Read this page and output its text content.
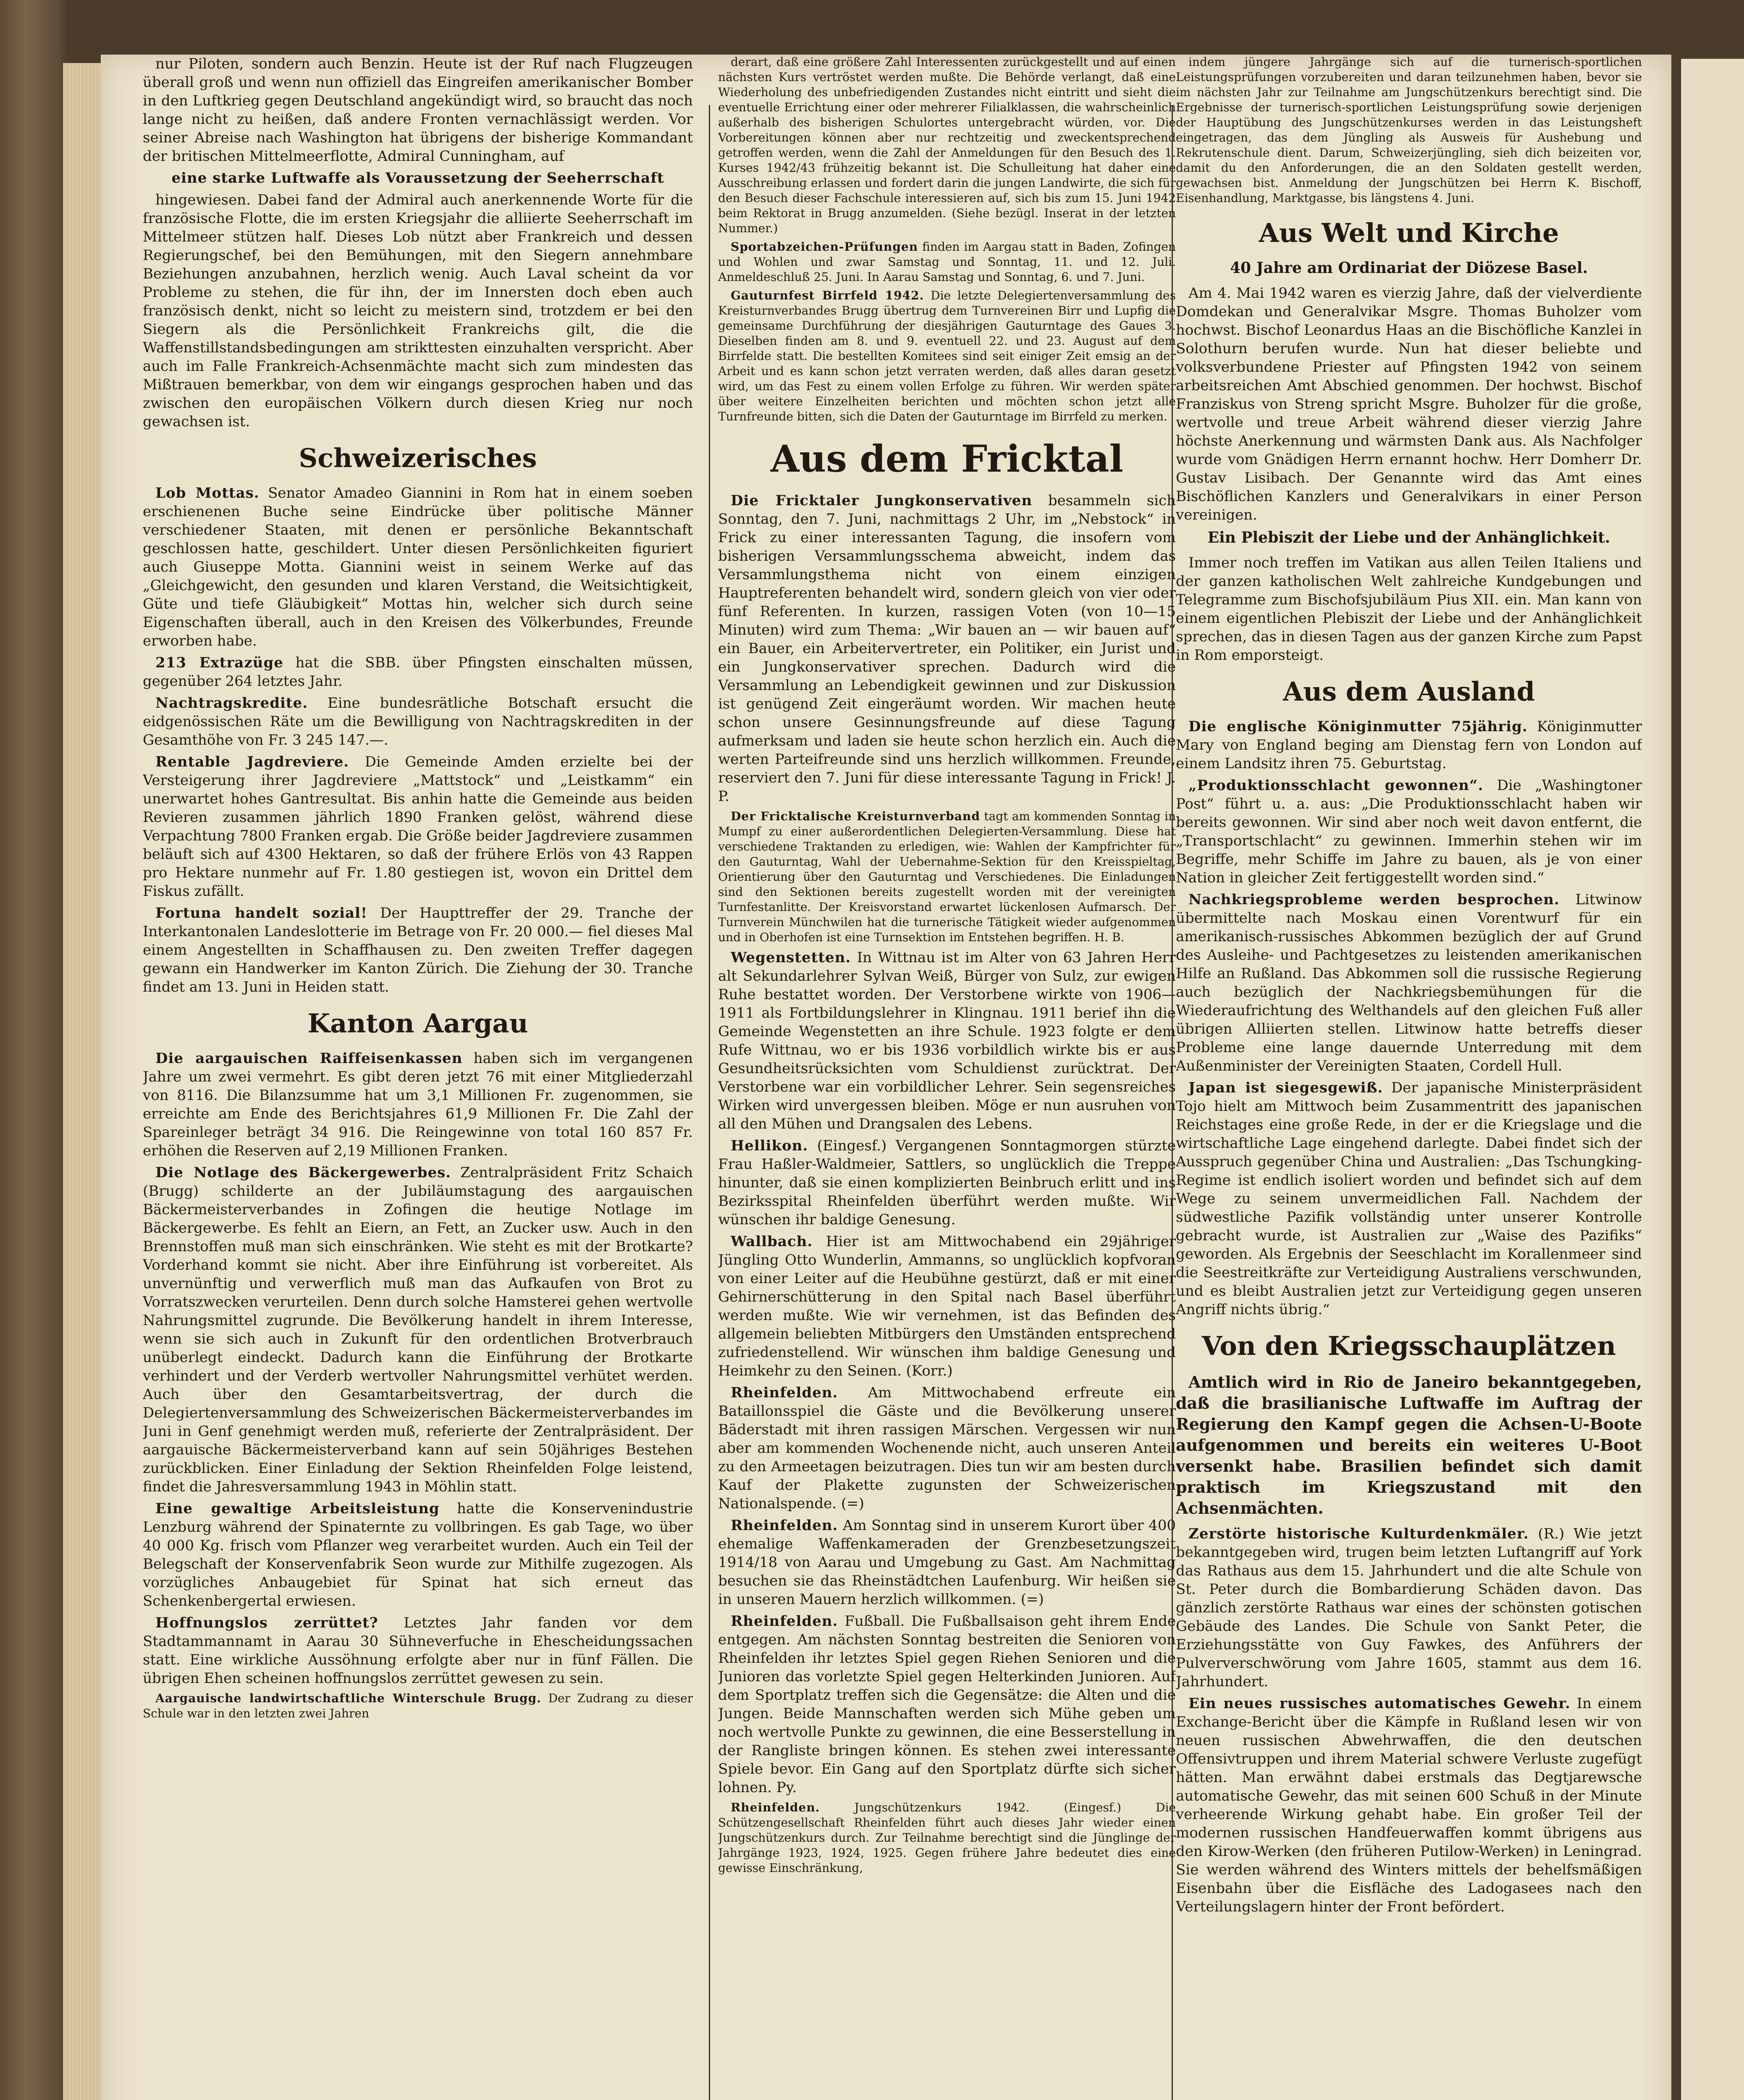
nur Piloten, sondern auch Benzin. Heute ist der Ruf nach Flugzeugen überall groß und wenn nun offiziell das Eingreifen amerikanischer Bomber in den Luftkrieg gegen Deutschland angekündigt wird, so braucht das noch lange nicht zu heißen, daß andere Fronten vernachlässigt werden. Vor seiner Abreise nach Washington hat übrigens der bisherige Kommandant der britischen Mittelmeerflotte, Admiral Cunningham, auf

eine starke Luftwaffe als Voraussetzung der Seeherrschaft

hingewiesen. Dabei fand der Admiral auch anerkennende Worte für die französische Flotte, die im ersten Kriegsjahr die alliierte Seeherrschaft im Mittelmeer stützen half. Dieses Lob nützt aber Frankreich und dessen Regierungschef, bei den Bemühungen, mit den Siegern annehmbare Beziehungen anzubahnen, herzlich wenig. Auch Laval scheint da vor Probleme zu stehen, die für ihn, der im Innersten doch eben auch französisch denkt, nicht so leicht zu meistern sind, trotzdem er bei den Siegern als die Persönlichkeit Frankreichs gilt, die die Waffenstillstandsbedingungen am strikttesten einzuhalten verspricht. Aber auch im Falle Frankreich-Achsenmächte macht sich zum mindesten das Mißtrauen bemerkbar, von dem wir eingangs gesprochen haben und das zwischen den europäischen Völkern durch diesen Krieg nur noch gewachsen ist.

Schweizerisches

Lob Mottas. Senator Amadeo Giannini in Rom hat in einem soeben erschienenen Buche seine Eindrücke über politische Männer verschiedener Staaten, mit denen er persönliche Bekanntschaft geschlossen hatte, geschildert. Unter diesen Persönlichkeiten figuriert auch Giuseppe Motta. Giannini weist in seinem Werke auf das „Gleichgewicht, den gesunden und klaren Verstand, die Weitsichtigkeit, Güte und tiefe Gläubigkeit“ Mottas hin, welcher sich durch seine Eigenschaften überall, auch in den Kreisen des Völkerbundes, Freunde erworben habe.

213 Extrazüge hat die SBB. über Pfingsten einschalten müssen, gegenüber 264 letztes Jahr.

Nachtragskredite. Eine bundesrätliche Botschaft ersucht die eidgenössischen Räte um die Bewilligung von Nachtragskrediten in der Gesamthöhe von Fr. 3 245 147.—.

Rentable Jagdreviere. Die Gemeinde Amden erzielte bei der Versteigerung ihrer Jagdreviere „Mattstock“ und „Leistkamm“ ein unerwartet hohes Gantresultat. Bis anhin hatte die Gemeinde aus beiden Revieren zusammen jährlich 1890 Franken gelöst, während diese Verpachtung 7800 Franken ergab. Die Größe beider Jagdreviere zusammen beläuft sich auf 4300 Hektaren, so daß der frühere Erlös von 43 Rappen pro Hektare nunmehr auf Fr. 1.80 gestiegen ist, wovon ein Drittel dem Fiskus zufällt.

Fortuna handelt sozial! Der Haupttreffer der 29. Tranche der Interkantonalen Landeslotterie im Betrage von Fr. 20 000.— fiel dieses Mal einem Angestellten in Schaffhausen zu. Den zweiten Treffer dagegen gewann ein Handwerker im Kanton Zürich. Die Ziehung der 30. Tranche findet am 13. Juni in Heiden statt.

Kanton Aargau

Die aargauischen Raiffeisenkassen haben sich im vergangenen Jahre um zwei vermehrt. Es gibt deren jetzt 76 mit einer Mitgliederzahl von 8116. Die Bilanzsumme hat um 3,1 Millionen Fr. zugenommen, sie erreichte am Ende des Berichtsjahres 61,9 Millionen Fr. Die Zahl der Spareinleger beträgt 34 916. Die Reingewinne von total 160 857 Fr. erhöhen die Reserven auf 2,19 Millionen Franken.

Die Notlage des Bäckergewerbes. Zentralpräsident Fritz Schaich (Brugg) schilderte an der Jubiläumstagung des aargauischen Bäckermeisterverbandes in Zofingen die heutige Notlage im Bäckergewerbe. Es fehlt an Eiern, an Fett, an Zucker usw. Auch in den Brennstoffen muß man sich einschränken. Wie steht es mit der Brotkarte? Vorderhand kommt sie nicht. Aber ihre Einführung ist vorbereitet. Als unvernünftig und verwerflich muß man das Aufkaufen von Brot zu Vorratszwecken verurteilen. Denn durch solche Hamsterei gehen wertvolle Nahrungsmittel zugrunde. Die Bevölkerung handelt in ihrem Interesse, wenn sie sich auch in Zukunft für den ordentlichen Brotverbrauch unüberlegt eindeckt. Dadurch kann die Einführung der Brotkarte verhindert und der Verderb wertvoller Nahrungsmittel verhütet werden. Auch über den Gesamtarbeitsvertrag, der durch die Delegiertenversammlung des Schweizerischen Bäckermeisterverbandes im Juni in Genf genehmigt werden muß, referierte der Zentralpräsident. Der aargauische Bäckermeisterverband kann auf sein 50jähriges Bestehen zurückblicken. Einer Einladung der Sektion Rheinfelden Folge leistend, findet die Jahresversammlung 1943 in Möhlin statt.

Eine gewaltige Arbeitsleistung hatte die Konservenindustrie Lenzburg während der Spinaternte zu vollbringen. Es gab Tage, wo über 40 000 Kg. frisch vom Pflanzer weg verarbeitet wurden. Auch ein Teil der Belegschaft der Konservenfabrik Seon wurde zur Mithilfe zugezogen. Als vorzügliches Anbaugebiet für Spinat hat sich erneut das Schenkenbergertal erwiesen.

Hoffnungslos zerrüttet? Letztes Jahr fanden vor dem Stadtammannamt in Aarau 30 Sühneverfuche in Ehescheidungssachen statt. Eine wirkliche Aussöhnung erfolgte aber nur in fünf Fällen. Die übrigen Ehen scheinen hoffnungslos zerrüttet gewesen zu sein.

Aargauische landwirtschaftliche Winterschule Brugg. Der Zudrang zu dieser Schule war in den letzten zwei Jahren

derart, daß eine größere Zahl Interessenten zurückgestellt und auf einen nächsten Kurs vertröstet werden mußte. Die Behörde verlangt, daß eine Wiederholung des unbefriedigenden Zustandes nicht eintritt und sieht die eventuelle Errichtung einer oder mehrerer Filialklassen, die wahrscheinlich außerhalb des bisherigen Schulortes untergebracht würden, vor. Die Vorbereitungen können aber nur rechtzeitig und zweckentsprechend getroffen werden, wenn die Zahl der Anmeldungen für den Besuch des 1. Kurses 1942/43 frühzeitig bekannt ist. Die Schulleitung hat daher eine Ausschreibung erlassen und fordert darin die jungen Landwirte, die sich für den Besuch dieser Fachschule interessieren auf, sich bis zum 15. Juni 1942 beim Rektorat in Brugg anzumelden. (Siehe bezügl. Inserat in der letzten Nummer.)

Sportabzeichen-Prüfungen finden im Aargau statt in Baden, Zofingen und Wohlen und zwar Samstag und Sonntag, 11. und 12. Juli. Anmeldeschluß 25. Juni. In Aarau Samstag und Sonntag, 6. und 7. Juni.

Gauturnfest Birrfeld 1942. Die letzte Delegiertenversammlung des Kreisturnverbandes Brugg übertrug dem Turnvereinen Birr und Lupfig die gemeinsame Durchführung der diesjährigen Gauturntage des Gaues 3. Dieselben finden am 8. und 9. eventuell 22. und 23. August auf dem Birrfelde statt. Die bestellten Komitees sind seit einiger Zeit emsig an der Arbeit und es kann schon jetzt verraten werden, daß alles daran gesetzt wird, um das Fest zu einem vollen Erfolge zu führen. Wir werden später über weitere Einzelheiten berichten und möchten schon jetzt alle Turnfreunde bitten, sich die Daten der Gauturntage im Birrfeld zu merken.

Aus dem Fricktal

Die Fricktaler Jungkonservativen besammeln sich Sonntag, den 7. Juni, nachmittags 2 Uhr, im „Nebstock“ in Frick zu einer interessanten Tagung, die insofern vom bisherigen Versammlungsschema abweicht, indem das Versammlungsthema nicht von einem einzigen Hauptreferenten behandelt wird, sondern gleich von vier oder fünf Referenten. In kurzen, rassigen Voten (von 10—15 Minuten) wird zum Thema: „Wir bauen an — wir bauen auf“ ein Bauer, ein Arbeitervertreter, ein Politiker, ein Jurist und ein Jungkonservativer sprechen. Dadurch wird die Versammlung an Lebendigkeit gewinnen und zur Diskussion ist genügend Zeit eingeräumt worden. Wir machen heute schon unsere Gesinnungsfreunde auf diese Tagung aufmerksam und laden sie heute schon herzlich ein. Auch die werten Parteifreunde sind uns herzlich willkommen. Freunde, reserviert den 7. Juni für diese interessante Tagung in Frick! J. P.

Der Fricktalische Kreisturnverband tagt am kommenden Sonntag in Mumpf zu einer außerordentlichen Delegierten-Versammlung. Diese hat verschiedene Traktanden zu erledigen, wie: Wahlen der Kampfrichter für den Gauturntag, Wahl der Uebernahme-Sektion für den Kreisspieltag, Orientierung über den Gauturntag und Verschiedenes. Die Einladungen sind den Sektionen bereits zugestellt worden mit der vereinigten Turnfestanlitte. Der Kreisvorstand erwartet lückenlosen Aufmarsch. Der Turnverein Münchwilen hat die turnerische Tätigkeit wieder aufgenommen und in Oberhofen ist eine Turnsektion im Entstehen begriffen. H. B.

Wegenstetten. In Wittnau ist im Alter von 63 Jahren Herr alt Sekundarlehrer Sylvan Weiß, Bürger von Sulz, zur ewigen Ruhe bestattet worden. Der Verstorbene wirkte von 1906—1911 als Fortbildungslehrer in Klingnau. 1911 berief ihn die Gemeinde Wegenstetten an ihre Schule. 1923 folgte er dem Rufe Wittnau, wo er bis 1936 vorbildlich wirkte bis er aus Gesundheitsrücksichten vom Schuldienst zurücktrat. Der Verstorbene war ein vorbildlicher Lehrer. Sein segensreiches Wirken wird unvergessen bleiben. Möge er nun ausruhen von all den Mühen und Drangsalen des Lebens.

Hellikon. (Eingesf.) Vergangenen Sonntagmorgen stürzte Frau Haßler-Waldmeier, Sattlers, so unglücklich die Treppe hinunter, daß sie einen komplizierten Beinbruch erlitt und ins Bezirksspital Rheinfelden überführt werden mußte. Wir wünschen ihr baldige Genesung.

Wallbach. Hier ist am Mittwochabend ein 29jähriger Jüngling Otto Wunderlin, Ammanns, so unglücklich kopfvoran von einer Leiter auf die Heubühne gestürzt, daß er mit einer Gehirnerschütterung in den Spital nach Basel überführt werden mußte. Wie wir vernehmen, ist das Befinden des allgemein beliebten Mitbürgers den Umständen entsprechend zufriedenstellend. Wir wünschen ihm baldige Genesung und Heimkehr zu den Seinen. (Korr.)

Rheinfelden. Am Mittwochabend erfreute ein Bataillonsspiel die Gäste und die Bevölkerung unserer Bäderstadt mit ihren rassigen Märschen. Vergessen wir nun aber am kommenden Wochenende nicht, auch unseren Anteil zu den Armeetagen beizutragen. Dies tun wir am besten durch Kauf der Plakette zugunsten der Schweizerischen Nationalspende. (=)

Rheinfelden. Am Sonntag sind in unserem Kurort über 400 ehemalige Waffenkameraden der Grenzbesetzungszeit 1914/18 von Aarau und Umgebung zu Gast. Am Nachmittag besuchen sie das Rheinstädtchen Laufenburg. Wir heißen sie in unseren Mauern herzlich willkommen. (=)

Rheinfelden. Fußball. Die Fußballsaison geht ihrem Ende entgegen. Am nächsten Sonntag bestreiten die Senioren von Rheinfelden ihr letztes Spiel gegen Riehen Senioren und die Junioren das vorletzte Spiel gegen Helterkinden Junioren. Auf dem Sportplatz treffen sich die Gegensätze: die Alten und die Jungen. Beide Mannschaften werden sich Mühe geben um noch wertvolle Punkte zu gewinnen, die eine Besserstellung in der Rangliste bringen können. Es stehen zwei interessante Spiele bevor. Ein Gang auf den Sportplatz dürfte sich sicher lohnen. Py.

Rheinfelden.	Jungschützenkurs 1942. (Eingesf.) Die Schützengesellschaft Rheinfelden führt auch dieses Jahr wieder einen Jungschützenkurs durch. Zur Teilnahme berechtigt sind die Jünglinge der Jahrgänge 1923, 1924, 1925. Gegen frühere Jahre bedeutet dies eine gewisse Einschränkung,

indem jüngere Jahrgänge sich auf die turnerisch-sportlichen Leistungsprüfungen vorzubereiten und daran teilzunehmen haben, bevor sie im nächsten Jahr zur Teilnahme am Jungschützenkurs berechtigt sind. Die Ergebnisse der turnerisch-sportlichen Leistungsprüfung sowie derjenigen der Hauptübung des Jungschützenkurses werden in das Leistungsheft eingetragen, das dem Jüngling als Ausweis für Aushebung und Rekrutenschule dient. Darum, Schweizerjüngling, sieh dich beizeiten vor, damit du den Anforderungen, die an den Soldaten gestellt werden, gewachsen bist. Anmeldung der Jungschützen bei Herrn K. Bischoff, Eisenhandlung, Marktgasse, bis längstens 4. Juni.

Aus Welt und Kirche
40 Jahre am Ordinariat der Diözese Basel.

Am 4. Mai 1942 waren es vierzig Jahre, daß der vielverdiente Domdekan und Generalvikar Msgre. Thomas Buholzer vom hochwst. Bischof Leonardus Haas an die Bischöfliche Kanzlei in Solothurn berufen wurde. Nun hat dieser beliebte und volksverbundene Priester auf Pfingsten 1942 von seinem arbeitsreichen Amt Abschied genommen. Der hochwst. Bischof Franziskus von Streng spricht Msgre. Buholzer für die große, wertvolle und treue Arbeit während dieser vierzig Jahre höchste Anerkennung und wärmsten Dank aus. Als Nachfolger wurde vom Gnädigen Herrn ernannt hochw. Herr Domherr Dr. Gustav Lisibach. Der Genannte wird das Amt eines Bischöflichen Kanzlers und Generalvikars in einer Person vereinigen.

Ein Plebiszit der Liebe und der Anhänglichkeit.

Immer noch treffen im Vatikan aus allen Teilen Italiens und der ganzen katholischen Welt zahlreiche Kundgebungen und Telegramme zum Bischofsjubiläum Pius XII. ein. Man kann von einem eigentlichen Plebiszit der Liebe und der Anhänglichkeit sprechen, das in diesen Tagen aus der ganzen Kirche zum Papst in Rom emporsteigt.

Aus dem Ausland

Die englische Königinmutter 75jährig. Königinmutter Mary von England beging am Dienstag fern von London auf einem Landsitz ihren 75. Geburtstag.

„Produktionsschlacht gewonnen“. Die „Washingtoner Post“ führt u. a. aus: „Die Produktionsschlacht haben wir bereits gewonnen. Wir sind aber noch weit davon entfernt, die „Transportschlacht“ zu gewinnen. Immerhin stehen wir im Begriffe, mehr Schiffe im Jahre zu bauen, als je von einer Nation in gleicher Zeit fertiggestellt worden sind.“

Nachkriegsprobleme werden besprochen. Litwinow übermittelte nach Moskau einen Vorentwurf für ein amerikanisch-russisches Abkommen bezüglich der auf Grund des Ausleihe- und Pachtgesetzes zu leistenden amerikanischen Hilfe an Rußland. Das Abkommen soll die russische Regierung auch bezüglich der Nachkriegsbemühungen für die Wiederaufrichtung des Welthandels auf den gleichen Fuß aller übrigen Alliierten stellen. Litwinow hatte betreffs dieser Probleme eine lange dauernde Unterredung mit dem Außenminister der Vereinigten Staaten, Cordell Hull.

Japan ist siegesgewiß. Der japanische Ministerpräsident Tojo hielt am Mittwoch beim Zusammentritt des japanischen Reichstages eine große Rede, in der er die Kriegslage und die wirtschaftliche Lage eingehend darlegte. Dabei findet sich der Ausspruch gegenüber China und Australien: „Das Tschungking-Regime ist endlich isoliert worden und befindet sich auf dem Wege zu seinem unvermeidlichen Fall. Nachdem der südwestliche Pazifik vollständig unter unserer Kontrolle gebracht wurde, ist Australien zur „Waise des Pazifiks“ geworden. Als Ergebnis der Seeschlacht im Korallenmeer sind die Seestreitkräfte zur Verteidigung Australiens verschwunden, und es bleibt Australien jetzt zur Verteidigung gegen unseren Angriff nichts übrig.“

Von den Kriegsschauplätzen

Amtlich wird in Rio de Janeiro bekanntgegeben, daß die brasilianische Luftwaffe im Auftrag der Regierung den Kampf gegen die Achsen-U-Boote aufgenommen und bereits ein weiteres U-Boot versenkt habe. Brasilien befindet sich damit praktisch im Kriegszustand mit den Achsenmächten.

Zerstörte historische Kulturdenkmäler. (R.) Wie jetzt bekanntgegeben wird, trugen beim letzten Luftangriff auf York das Rathaus aus dem 15. Jahrhundert und die alte Schule von St. Peter durch die Bombardierung Schäden davon. Das gänzlich zerstörte Rathaus war eines der schönsten gotischen Gebäude des Landes. Die Schule von Sankt Peter, die Erziehungsstätte von Guy Fawkes, des Anführers der Pulververschwörung vom Jahre 1605, stammt aus dem 16. Jahrhundert.

Ein neues russisches automatisches Gewehr. In einem Exchange-Bericht über die Kämpfe in Rußland lesen wir von neuen russischen Abwehrwaffen, die den deutschen Offensivtruppen und ihrem Material schwere Verluste zugefügt hätten. Man erwähnt dabei erstmals das Degtjarewsche automatische Gewehr, das mit seinen 600 Schuß in der Minute verheerende Wirkung gehabt habe. Ein großer Teil der modernen russischen Handfeuerwaffen kommt übrigens aus den Kirow-Werken (den früheren Putilow-Werken) in Leningrad. Sie werden während des Winters mittels der behelfsmäßigen Eisenbahn über die Eisfläche des Ladogasees nach den Verteilungslagern hinter der Front befördert.
